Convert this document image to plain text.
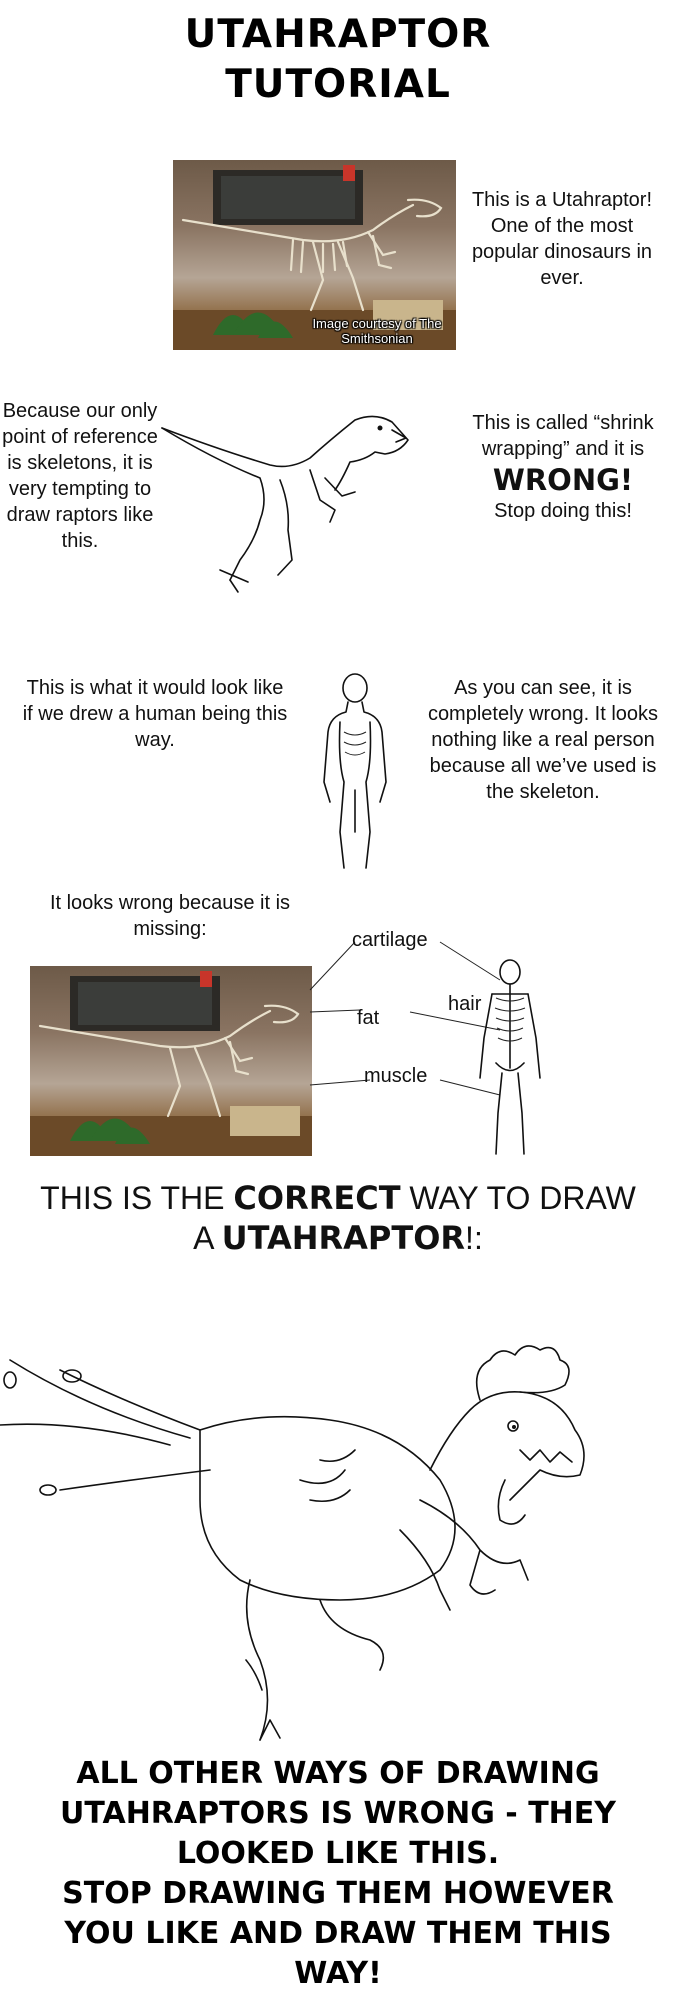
UTAHRAPTOR
TUTORIAL
Image courtesy of The Smithsonian
This is a Utahraptor! One of the most popular dinosaurs in ever.
Because our only point of reference is skeletons, it is very tempting to draw raptors like this.
This is called “shrink wrapping” and it is
WRONG!
Stop doing this!
This is what it would look like if we drew a human being this way.
As you can see, it is completely wrong. It looks nothing like a real person because all we’ve used is the skeleton.
It looks wrong because it is missing:	cartilage
hair
fat
muscle
THIS IS THE CORRECT WAY TO DRAW
A UTAHRAPTOR!:
ALL OTHER WAYS OF DRAWING
UTAHRAPTORS IS WRONG - THEY
LOOKED LIKE THIS.
STOP DRAWING THEM HOWEVER
YOU LIKE AND DRAW THEM THIS
WAY!
